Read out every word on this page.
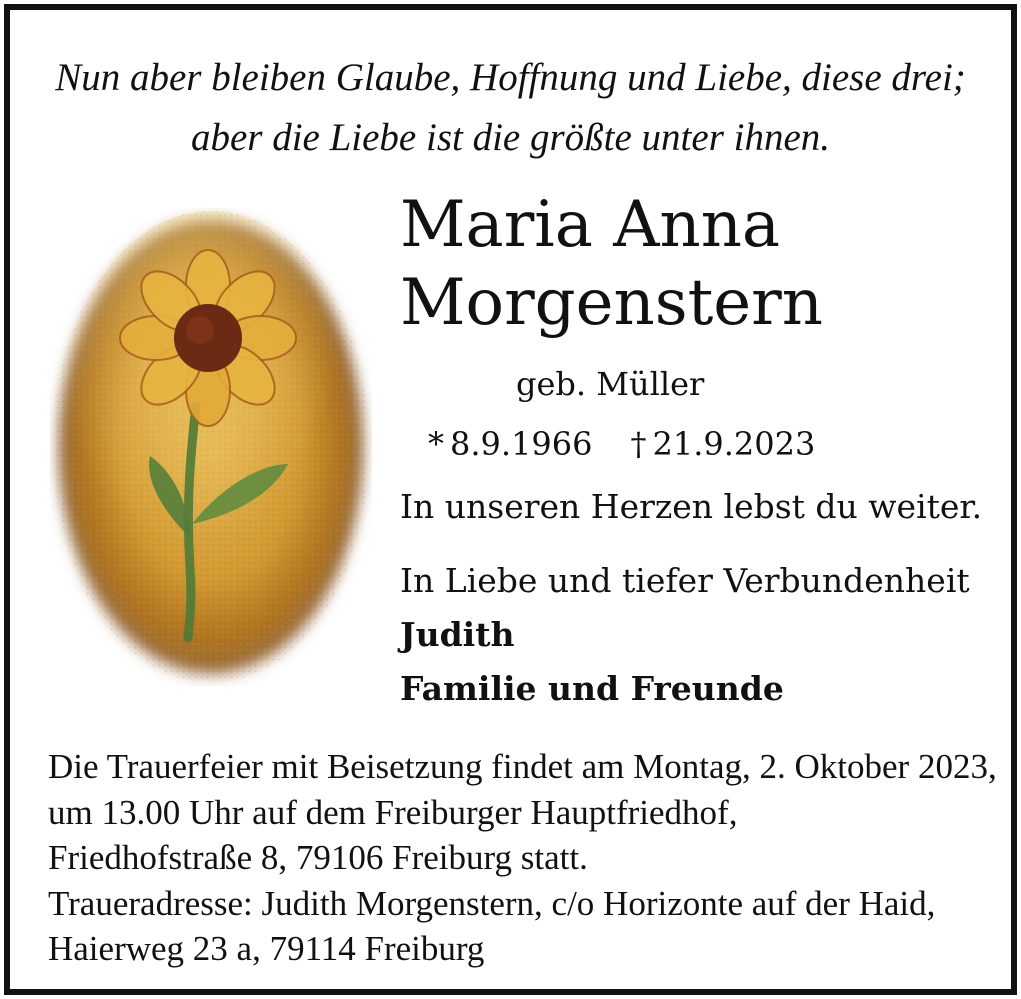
Nun aber bleiben Glaube, Hoffnung und Liebe, diese drei;
aber die Liebe ist die größte unter ihnen.
Maria Anna
Morgenstern
geb. Müller
* 8.9.1966 † 21.9.2023
In unseren Herzen lebst du weiter.
In Liebe und tiefer Verbundenheit
Judith
Familie und Freunde
Die Trauerfeier mit Beisetzung findet am Montag, 2. Oktober 2023,
um 13.00 Uhr auf dem Freiburger Hauptfriedhof,
Friedhofstraße 8, 79106 Freiburg statt.
Traueradresse: Judith Morgenstern, c/o Horizonte auf der Haid,
Haierweg 23 a, 79114 Freiburg
